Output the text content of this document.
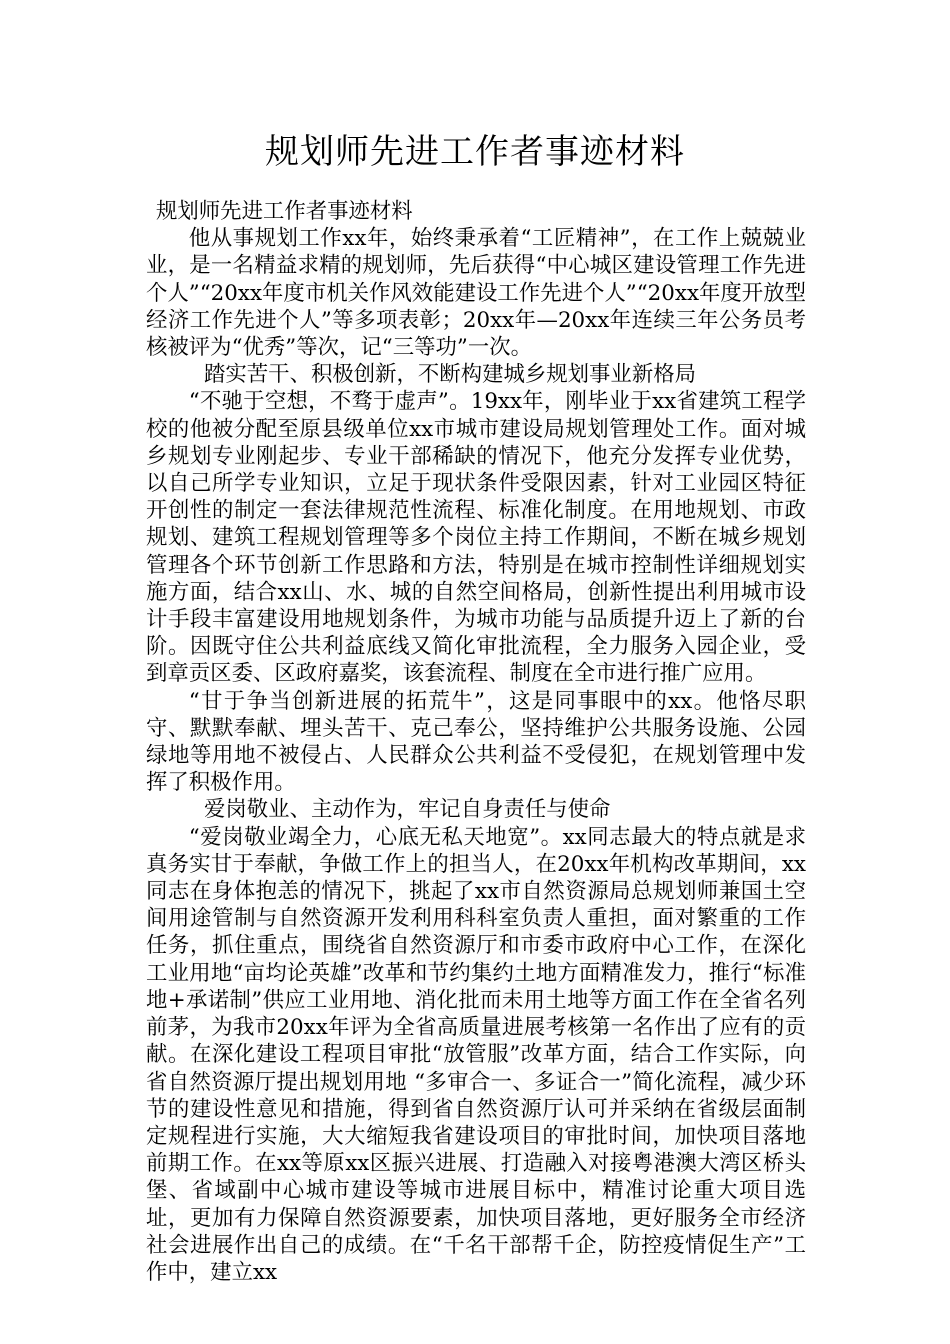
规划师先进工作者事迹材料

规划师先进工作者事迹材料

他从事规划工作xx年，始终秉承着“工匠精神”，在工作上兢兢业业，是一名精益求精的规划师，先后获得“中心城区建设管理工作先进个人”“20xx年度市机关作风效能建设工作先进个人”“20xx年度开放型经济工作先进个人”等多项表彰；20xx年—20xx年连续三年公务员考核被评为“优秀”等次，记“三等功”一次。

踏实苦干、积极创新，不断构建城乡规划事业新格局

“不驰于空想，不骛于虚声”。19xx年，刚毕业于xx省建筑工程学校的他被分配至原县级单位xx市城市建设局规划管理处工作。面对城乡规划专业刚起步、专业干部稀缺的情况下，他充分发挥专业优势，以自己所学专业知识，立足于现状条件受限因素，针对工业园区特征开创性的制定一套法律规范性流程、标准化制度。在用地规划、市政规划、建筑工程规划管理等多个岗位主持工作期间，不断在城乡规划管理各个环节创新工作思路和方法，特别是在城市控制性详细规划实施方面，结合xx山、水、城的自然空间格局，创新性提出利用城市设计手段丰富建设用地规划条件，为城市功能与品质提升迈上了新的台阶。因既守住公共利益底线又简化审批流程，全力服务入园企业，受到章贡区委、区政府嘉奖，该套流程、制度在全市进行推广应用。

“甘于争当创新进展的拓荒牛”，这是同事眼中的xx。他恪尽职守、默默奉献、埋头苦干、克己奉公，坚持维护公共服务设施、公园绿地等用地不被侵占、人民群众公共利益不受侵犯，在规划管理中发挥了积极作用。

爱岗敬业、主动作为，牢记自身责任与使命

“爱岗敬业竭全力，心底无私天地宽”。xx同志最大的特点就是求真务实甘于奉献，争做工作上的担当人，在20xx年机构改革期间，xx同志在身体抱恙的情况下，挑起了xx市自然资源局总规划师兼国土空间用途管制与自然资源开发利用科科室负责人重担，面对繁重的工作任务，抓住重点，围绕省自然资源厅和市委市政府中心工作，在深化工业用地“亩均论英雄”改革和节约集约土地方面精准发力，推行“标准地+承诺制”供应工业用地、消化批而未用土地等方面工作在全省名列前茅，为我市20xx年评为全省高质量进展考核第一名作出了应有的贡献。在深化建设工程项目审批“放管服”改革方面，结合工作实际，向省自然资源厅提出规划用地 “多审合一、多证合一”简化流程，减少环节的建设性意见和措施，得到省自然资源厅认可并采纳在省级层面制定规程进行实施，大大缩短我省建设项目的审批时间，加快项目落地前期工作。在xx等原xx区振兴进展、打造融入对接粤港澳大湾区桥头堡、省域副中心城市建设等城市进展目标中，精准讨论重大项目选址，更加有力保障自然资源要素，加快项目落地，更好服务全市经济社会进展作出自己的成绩。在“千名干部帮千企，防控疫情促生产”工作中，建立xx
